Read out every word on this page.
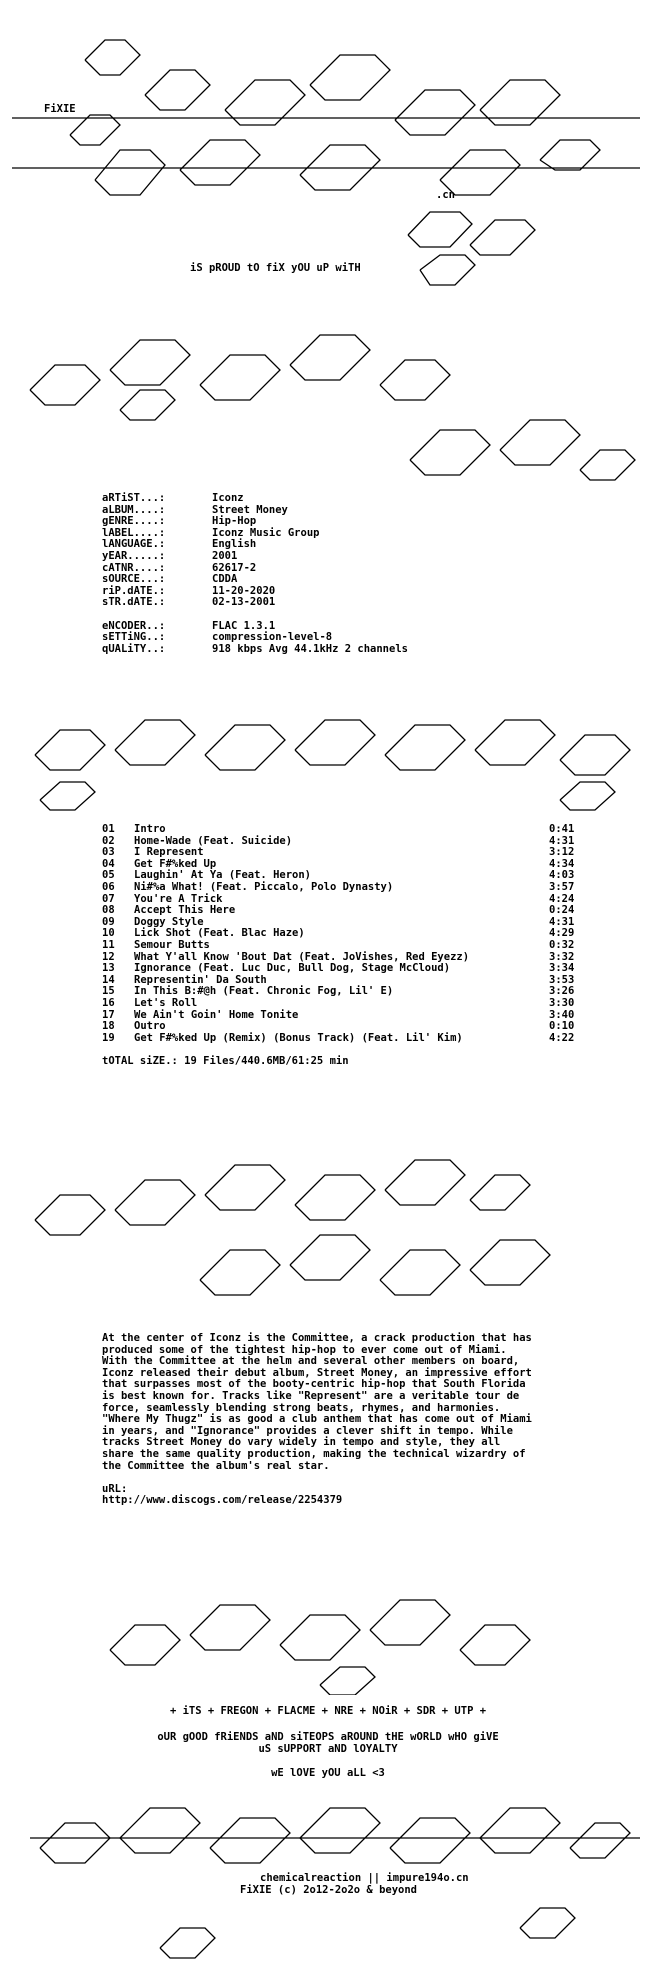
FiXIE
.cn
iS pROUD tO fiX yOU uP wiTH
aRTiST...:	Iconz
aLBUM....:	Street Money
gENRE....:	Hip-Hop
lABEL....:	Iconz Music Group
lANGUAGE.:	English
yEAR.....:	2001
cATNR....:	62617-2
sOURCE...:	CDDA
riP.dATE.:	11-20-2020
sTR.dATE.:	02-13-2001
eNCODER..:	FLAC 1.3.1
sETTiNG..:	compression-level-8
qUALiTY..:	918 kbps Avg 44.1kHz 2 channels
01 Intro	0:41
02 Home-Wade (Feat. Suicide)	4:31
03 I Represent	3:12
04 Get F#%ked Up	4:34
05 Laughin' At Ya (Feat. Heron)	4:03
06 Ni#%a What! (Feat. Piccalo, Polo Dynasty)	3:57
07 You're A Trick	4:24
08 Accept This Here	0:24
09 Doggy Style	4:31
10 Lick Shot (Feat. Blac Haze)	4:29
11 Semour Butts	0:32
12 What Y'all Know 'Bout Dat (Feat. JoVishes, Red Eyezz)	3:32
13 Ignorance (Feat. Luc Duc, Bull Dog, Stage McCloud)	3:34
14 Representin' Da South	3:53
15 In This B:#@h (Feat. Chronic Fog, Lil' E)	3:26
16 Let's Roll	3:30
17 We Ain't Goin' Home Tonite	3:40
18 Outro	0:10
19 Get F#%ked Up (Remix) (Bonus Track) (Feat. Lil' Kim)	4:22
tOTAL siZE.: 19 Files/440.6MB/61:25 min
At the center of Iconz is the Committee, a crack production that has
produced some of the tightest hip-hop to ever come out of Miami.
With the Committee at the helm and several other members on board,
Iconz released their debut album, Street Money, an impressive effort
that surpasses most of the booty-centric hip-hop that South Florida
is best known for. Tracks like "Represent" are a veritable tour de
force, seamlessly blending strong beats, rhymes, and harmonies.
"Where My Thugz" is as good a club anthem that has come out of Miami
in years, and "Ignorance" provides a clever shift in tempo. While
tracks Street Money do vary widely in tempo and style, they all
share the same quality production, making the technical wizardry of
the Committee the album's real star.
uRL:
http://www.discogs.com/release/2254379
+ iTS + FREGON + FLACME + NRE + NOiR + SDR + UTP +
oUR gOOD fRiENDS aND siTEOPS aROUND tHE wORLD wHO giVE
uS sUPPORT aND lOYALTY
wE lOVE yOU aLL <3
chemicalreaction || impure194o.cn
FiXIE (c) 2o12-2o2o & beyond
